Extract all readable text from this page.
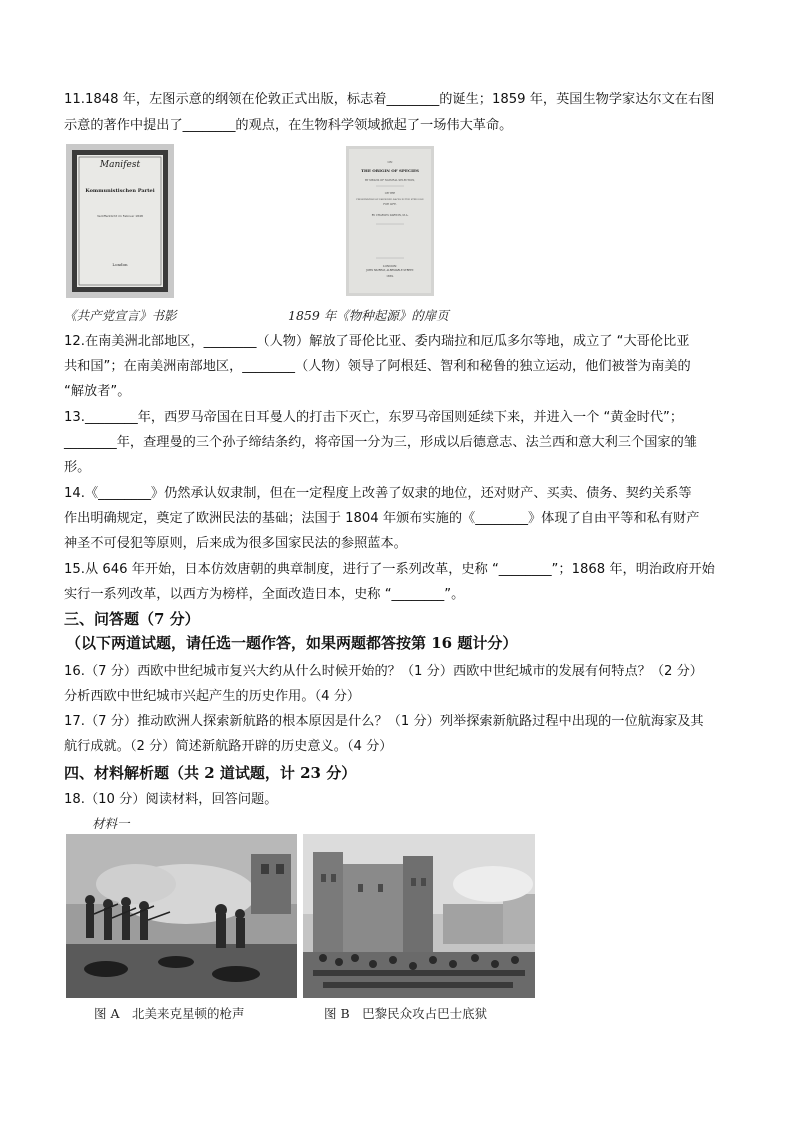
11.1848 年，左图示意的纲领在伦敦正式出版，标志着________的诞生；1859 年，英国生物学家达尔文在右图
示意的著作中提出了________的观点，在生物科学领域掀起了一场伟大革命。
Manifest
Kommunistischen Partei
Veröffentlicht im Februar 1848
London
ON
THE ORIGIN OF SPECIES
BY MEANS OF NATURAL SELECTION,
OR THE
PRESERVATION OF FAVOURED RACES IN THE STRUGGLE
FOR LIFE.
BY CHARLES DARWIN, M.A.
LONDON:
JOHN MURRAY, ALBEMARLE STREET.
1859.
《共产党宣言》书影	1859 年《物种起源》的扉页
12.在南美洲北部地区，________（人物）解放了哥伦比亚、委内瑞拉和厄瓜多尔等地，成立了 “大哥伦比亚
共和国”；在南美洲南部地区，________（人物）领导了阿根廷、智利和秘鲁的独立运动，他们被誉为南美的
“解放者”。
13.________年，西罗马帝国在日耳曼人的打击下灭亡，东罗马帝国则延续下来，并进入一个 “黄金时代”；
________年，查理曼的三个孙子缔结条约，将帝国一分为三，形成以后德意志、法兰西和意大利三个国家的雏
形。
14.《________》仍然承认奴隶制，但在一定程度上改善了奴隶的地位，还对财产、买卖、债务、契约关系等
作出明确规定，奠定了欧洲民法的基础；法国于 1804 年颁布实施的《________》体现了自由平等和私有财产
神圣不可侵犯等原则，后来成为很多国家民法的参照蓝本。
15.从 646 年开始，日本仿效唐朝的典章制度，进行了一系列改革，史称 “________”；1868 年，明治政府开始
实行一系列改革，以西方为榜样，全面改造日本，史称 “________”。
三、问答题（7 分）
（以下两道试题，请任选一题作答，如果两题都答按第 16 题计分）
16.（7 分）西欧中世纪城市复兴大约从什么时候开始的？（1 分）西欧中世纪城市的发展有何特点？（2 分）
分析西欧中世纪城市兴起产生的历史作用。（4 分）
17.（7 分）推动欧洲人探索新航路的根本原因是什么？（1 分）列举探索新航路过程中出现的一位航海家及其
航行成就。（2 分）简述新航路开辟的历史意义。（4 分）
四、材料解析题（共 2 道试题，计 23 分）
18.（10 分）阅读材料，回答问题。
材料一
图 A　北美来克星顿的枪声	图 B　巴黎民众攻占巴士底狱
